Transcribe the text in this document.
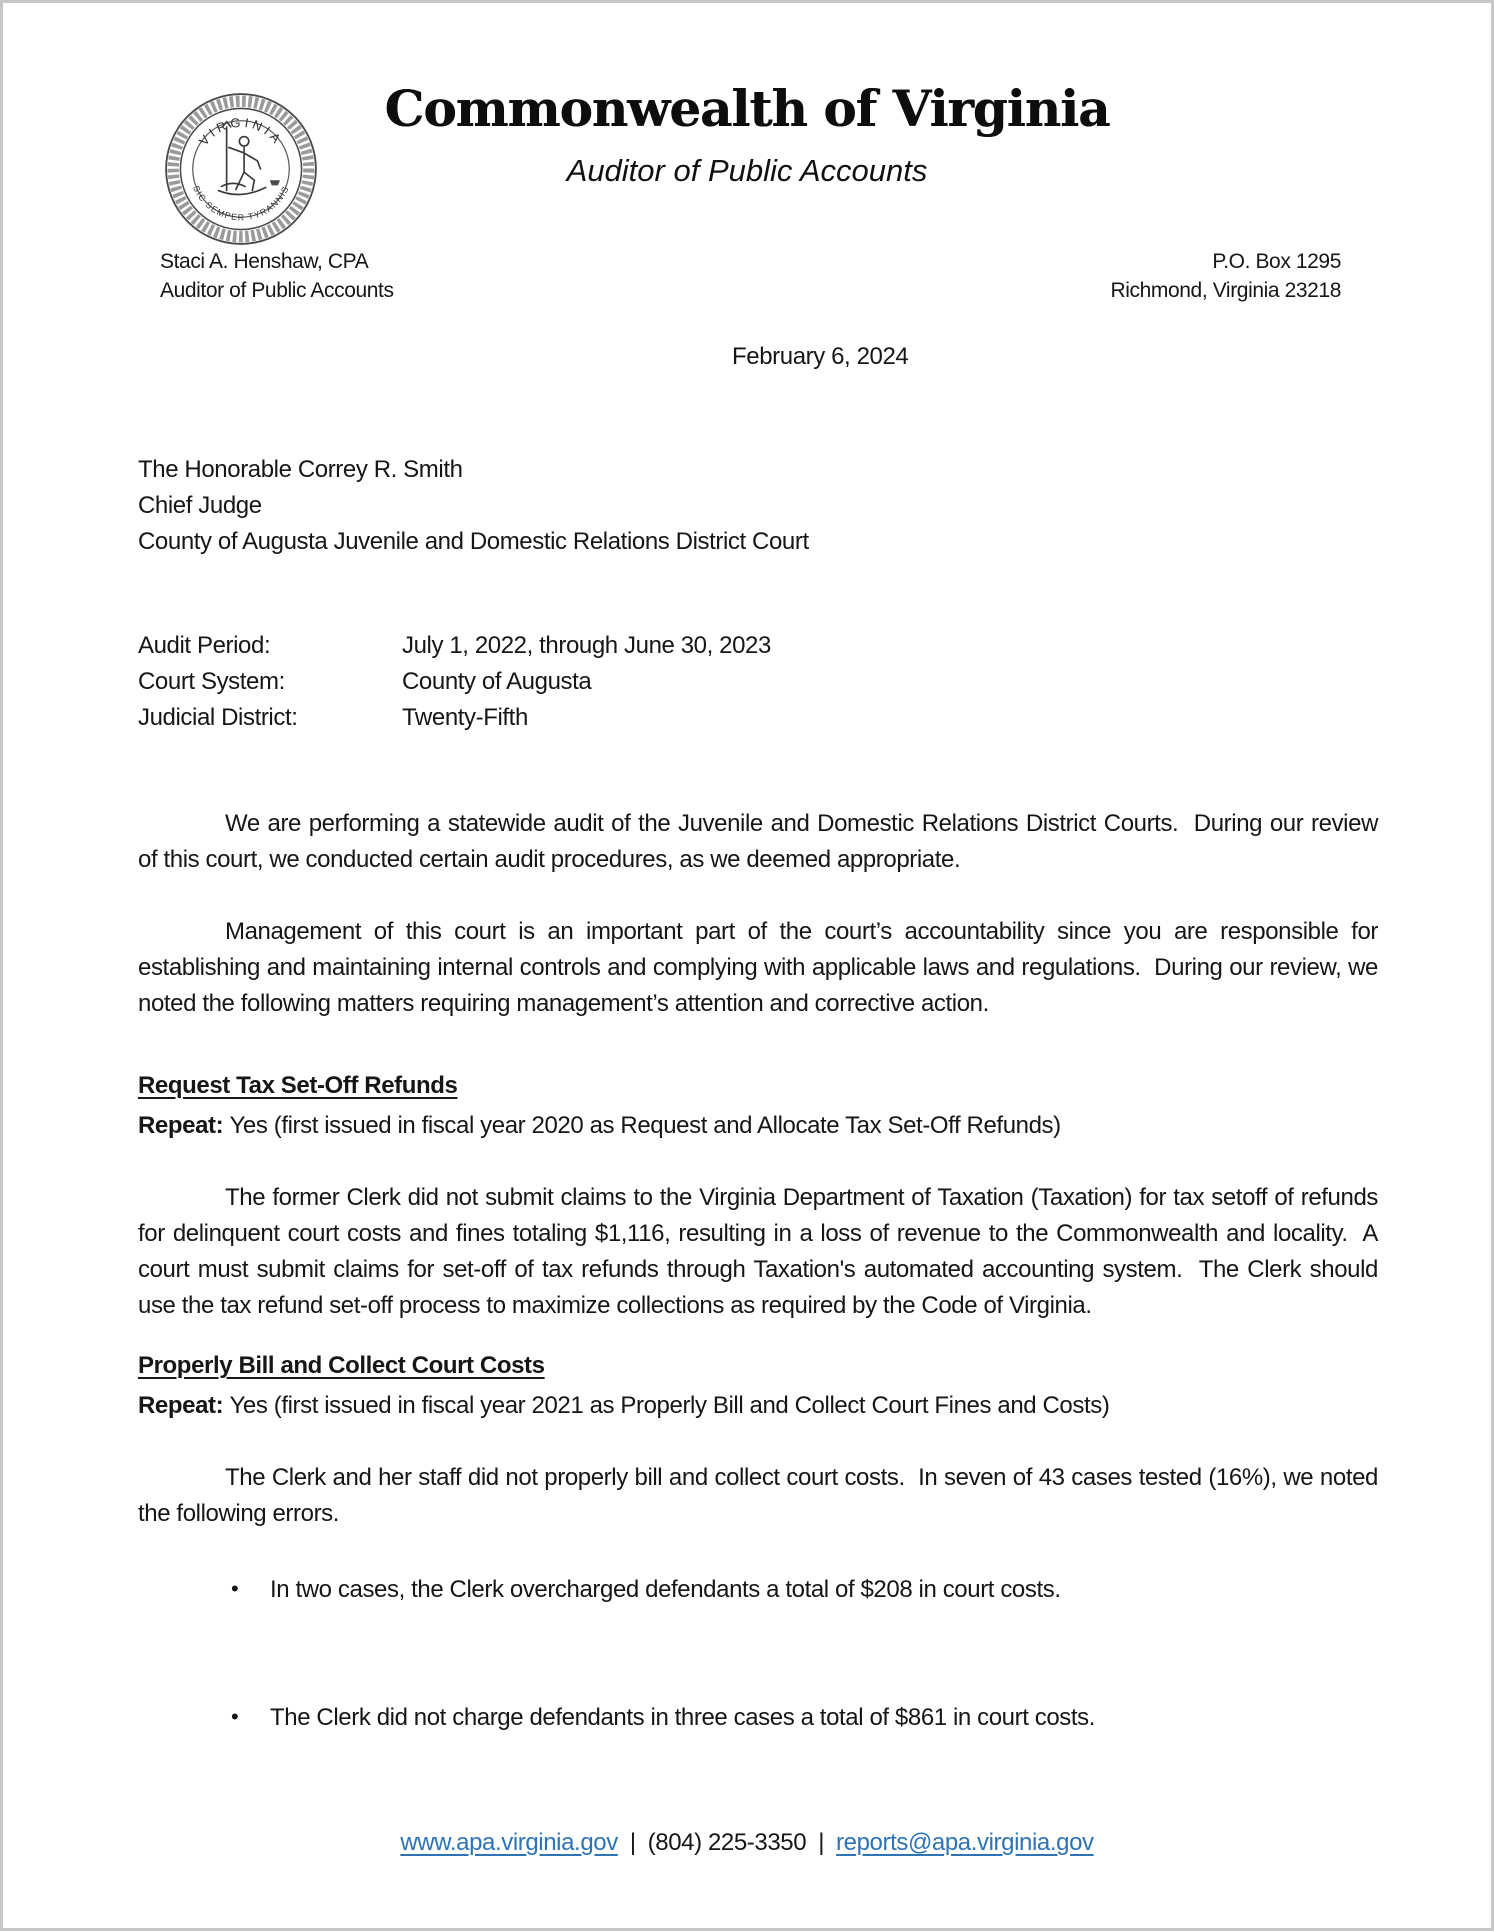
VIRGINIA
SIC SEMPER TYRANNIS
Commonwealth of Virginia
Auditor of Public Accounts
Staci A. Henshaw, CPA
Auditor of Public Accounts
P.O. Box 1295
Richmond, Virginia 23218
February 6, 2024
The Honorable Correy R. Smith
Chief Judge
County of Augusta Juvenile and Domestic Relations District Court
Audit Period:	July 1, 2022, through June 30, 2023
Court System:	County of Augusta
Judicial District:	Twenty-Fifth

We are performing a statewide audit of the Juvenile and Domestic Relations District Courts.  During our review of this court, we conducted certain audit procedures, as we deemed appropriate.

Management of this court is an important part of the court’s accountability since you are responsible for establishing and maintaining internal controls and complying with applicable laws and regulations.  During our review, we noted the following matters requiring management’s attention and corrective action.

Request Tax Set-Off Refunds
Repeat: Yes (first issued in fiscal year 2020 as Request and Allocate Tax Set-Off Refunds)

The former Clerk did not submit claims to the Virginia Department of Taxation (Taxation) for tax setoff of refunds for delinquent court costs and fines totaling $1,116, resulting in a loss of revenue to the Commonwealth and locality.  A court must submit claims for set-off of tax refunds through Taxation's automated accounting system.  The Clerk should use the tax refund set-off process to maximize collections as required by the Code of Virginia.

Properly Bill and Collect Court Costs
Repeat: Yes (first issued in fiscal year 2021 as Properly Bill and Collect Court Fines and Costs)

The Clerk and her staff did not properly bill and collect court costs.  In seven of 43 cases tested (16%), we noted the following errors.

• In two cases, the Clerk overcharged defendants a total of $208 in court costs.
• The Clerk did not charge defendants in three cases a total of $861 in court costs.
www.apa.virginia.gov | (804) 225-3350 | reports@apa.virginia.gov
